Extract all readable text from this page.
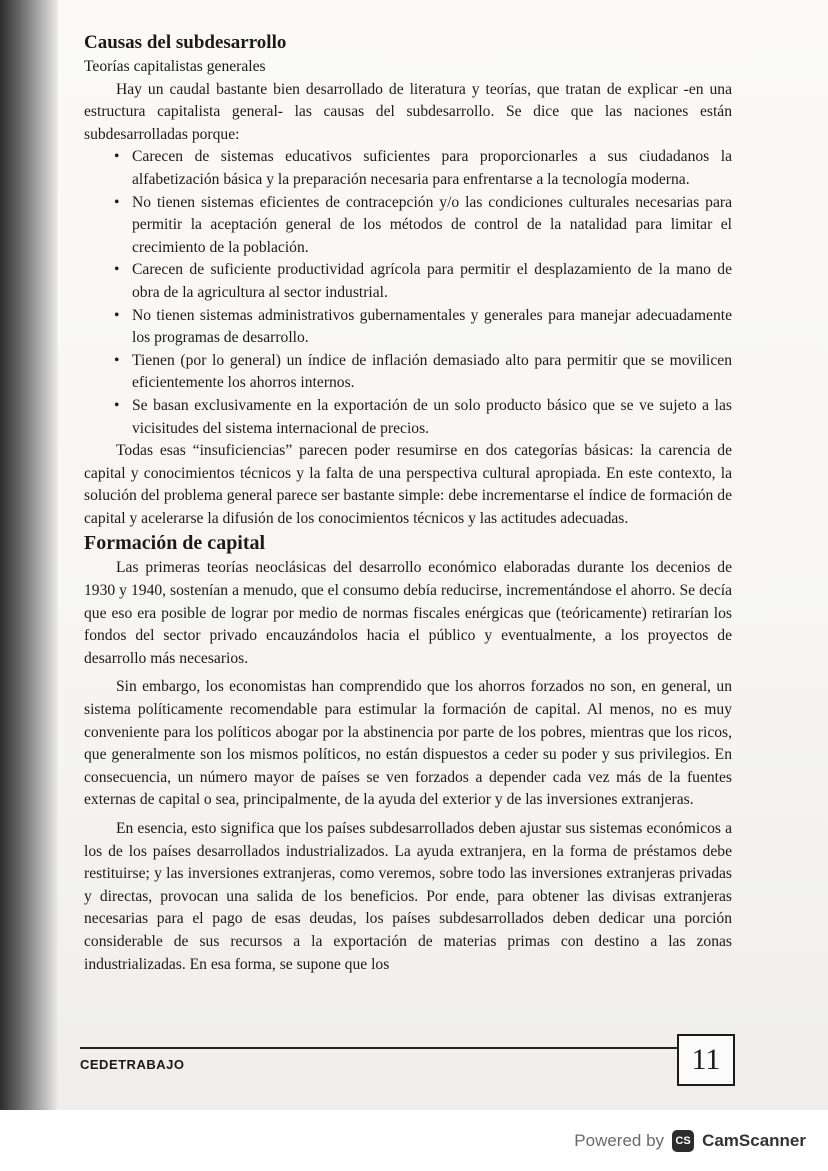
Causas del subdesarrollo

Teorías capitalistas generales

Hay un caudal bastante bien desarrollado de literatura y teorías, que tratan de explicar -en una estructura capitalista general- las causas del subdesarrollo. Se dice que las naciones están subdesarrolladas porque:

• Carecen de sistemas educativos suficientes para proporcionarles a sus ciudadanos la alfabetización básica y la preparación necesaria para enfrentarse a la tecnología moderna.
• No tienen sistemas eficientes de contracepción y/o las condiciones culturales necesarias para permitir la aceptación general de los métodos de control de la natalidad para limitar el crecimiento de la población.
• Carecen de suficiente productividad agrícola para permitir el desplazamiento de la mano de obra de la agricultura al sector industrial.
• No tienen sistemas administrativos gubernamentales y generales para manejar adecuadamente los programas de desarrollo.
• Tienen (por lo general) un índice de inflación demasiado alto para permitir que se movilicen eficientemente los ahorros internos.
• Se basan exclusivamente en la exportación de un solo producto básico que se ve sujeto a las vicisitudes del sistema internacional de precios.

Todas esas “insuficiencias” parecen poder resumirse en dos categorías básicas: la carencia de capital y conocimientos técnicos y la falta de una perspectiva cultural apropiada. En este contexto, la solución del problema general parece ser bastante simple: debe incrementarse el índice de formación de capital y acelerarse la difusión de los conocimientos técnicos y las actitudes adecuadas.

Formación de capital

Las primeras teorías neoclásicas del desarrollo económico elaboradas durante los decenios de 1930 y 1940, sostenían a menudo, que el consumo debía reducirse, incrementándose el ahorro. Se decía que eso era posible de lograr por medio de normas fiscales enérgicas que (teóricamente) retirarían los fondos del sector privado encauzándolos hacia el público y eventualmente, a los proyectos de desarrollo más necesarios.

Sin embargo, los economistas han comprendido que los ahorros forzados no son, en general, un sistema políticamente recomendable para estimular la formación de capital. Al menos, no es muy conveniente para los políticos abogar por la abstinencia por parte de los pobres, mientras que los ricos, que generalmente son los mismos políticos, no están dispuestos a ceder su poder y sus privilegios. En consecuencia, un número mayor de países se ven forzados a depender cada vez más de la fuentes externas de capital o sea, principalmente, de la ayuda del exterior y de las inversiones extranjeras.

En esencia, esto significa que los países subdesarrollados deben ajustar sus sistemas económicos a los de los países desarrollados industrializados. La ayuda extranjera, en la forma de préstamos debe restituirse; y las inversiones extranjeras, como veremos, sobre todo las inversiones extranjeras privadas y directas, provocan una salida de los beneficios. Por ende, para obtener las divisas extranjeras necesarias para el pago de esas deudas, los países subdesarrollados deben dedicar una porción considerable de sus recursos a la exportación de materias primas con destino a las zonas industrializadas. En esa forma, se supone que los

CEDETRABAJO	11
Powered by	CS CamScanner
